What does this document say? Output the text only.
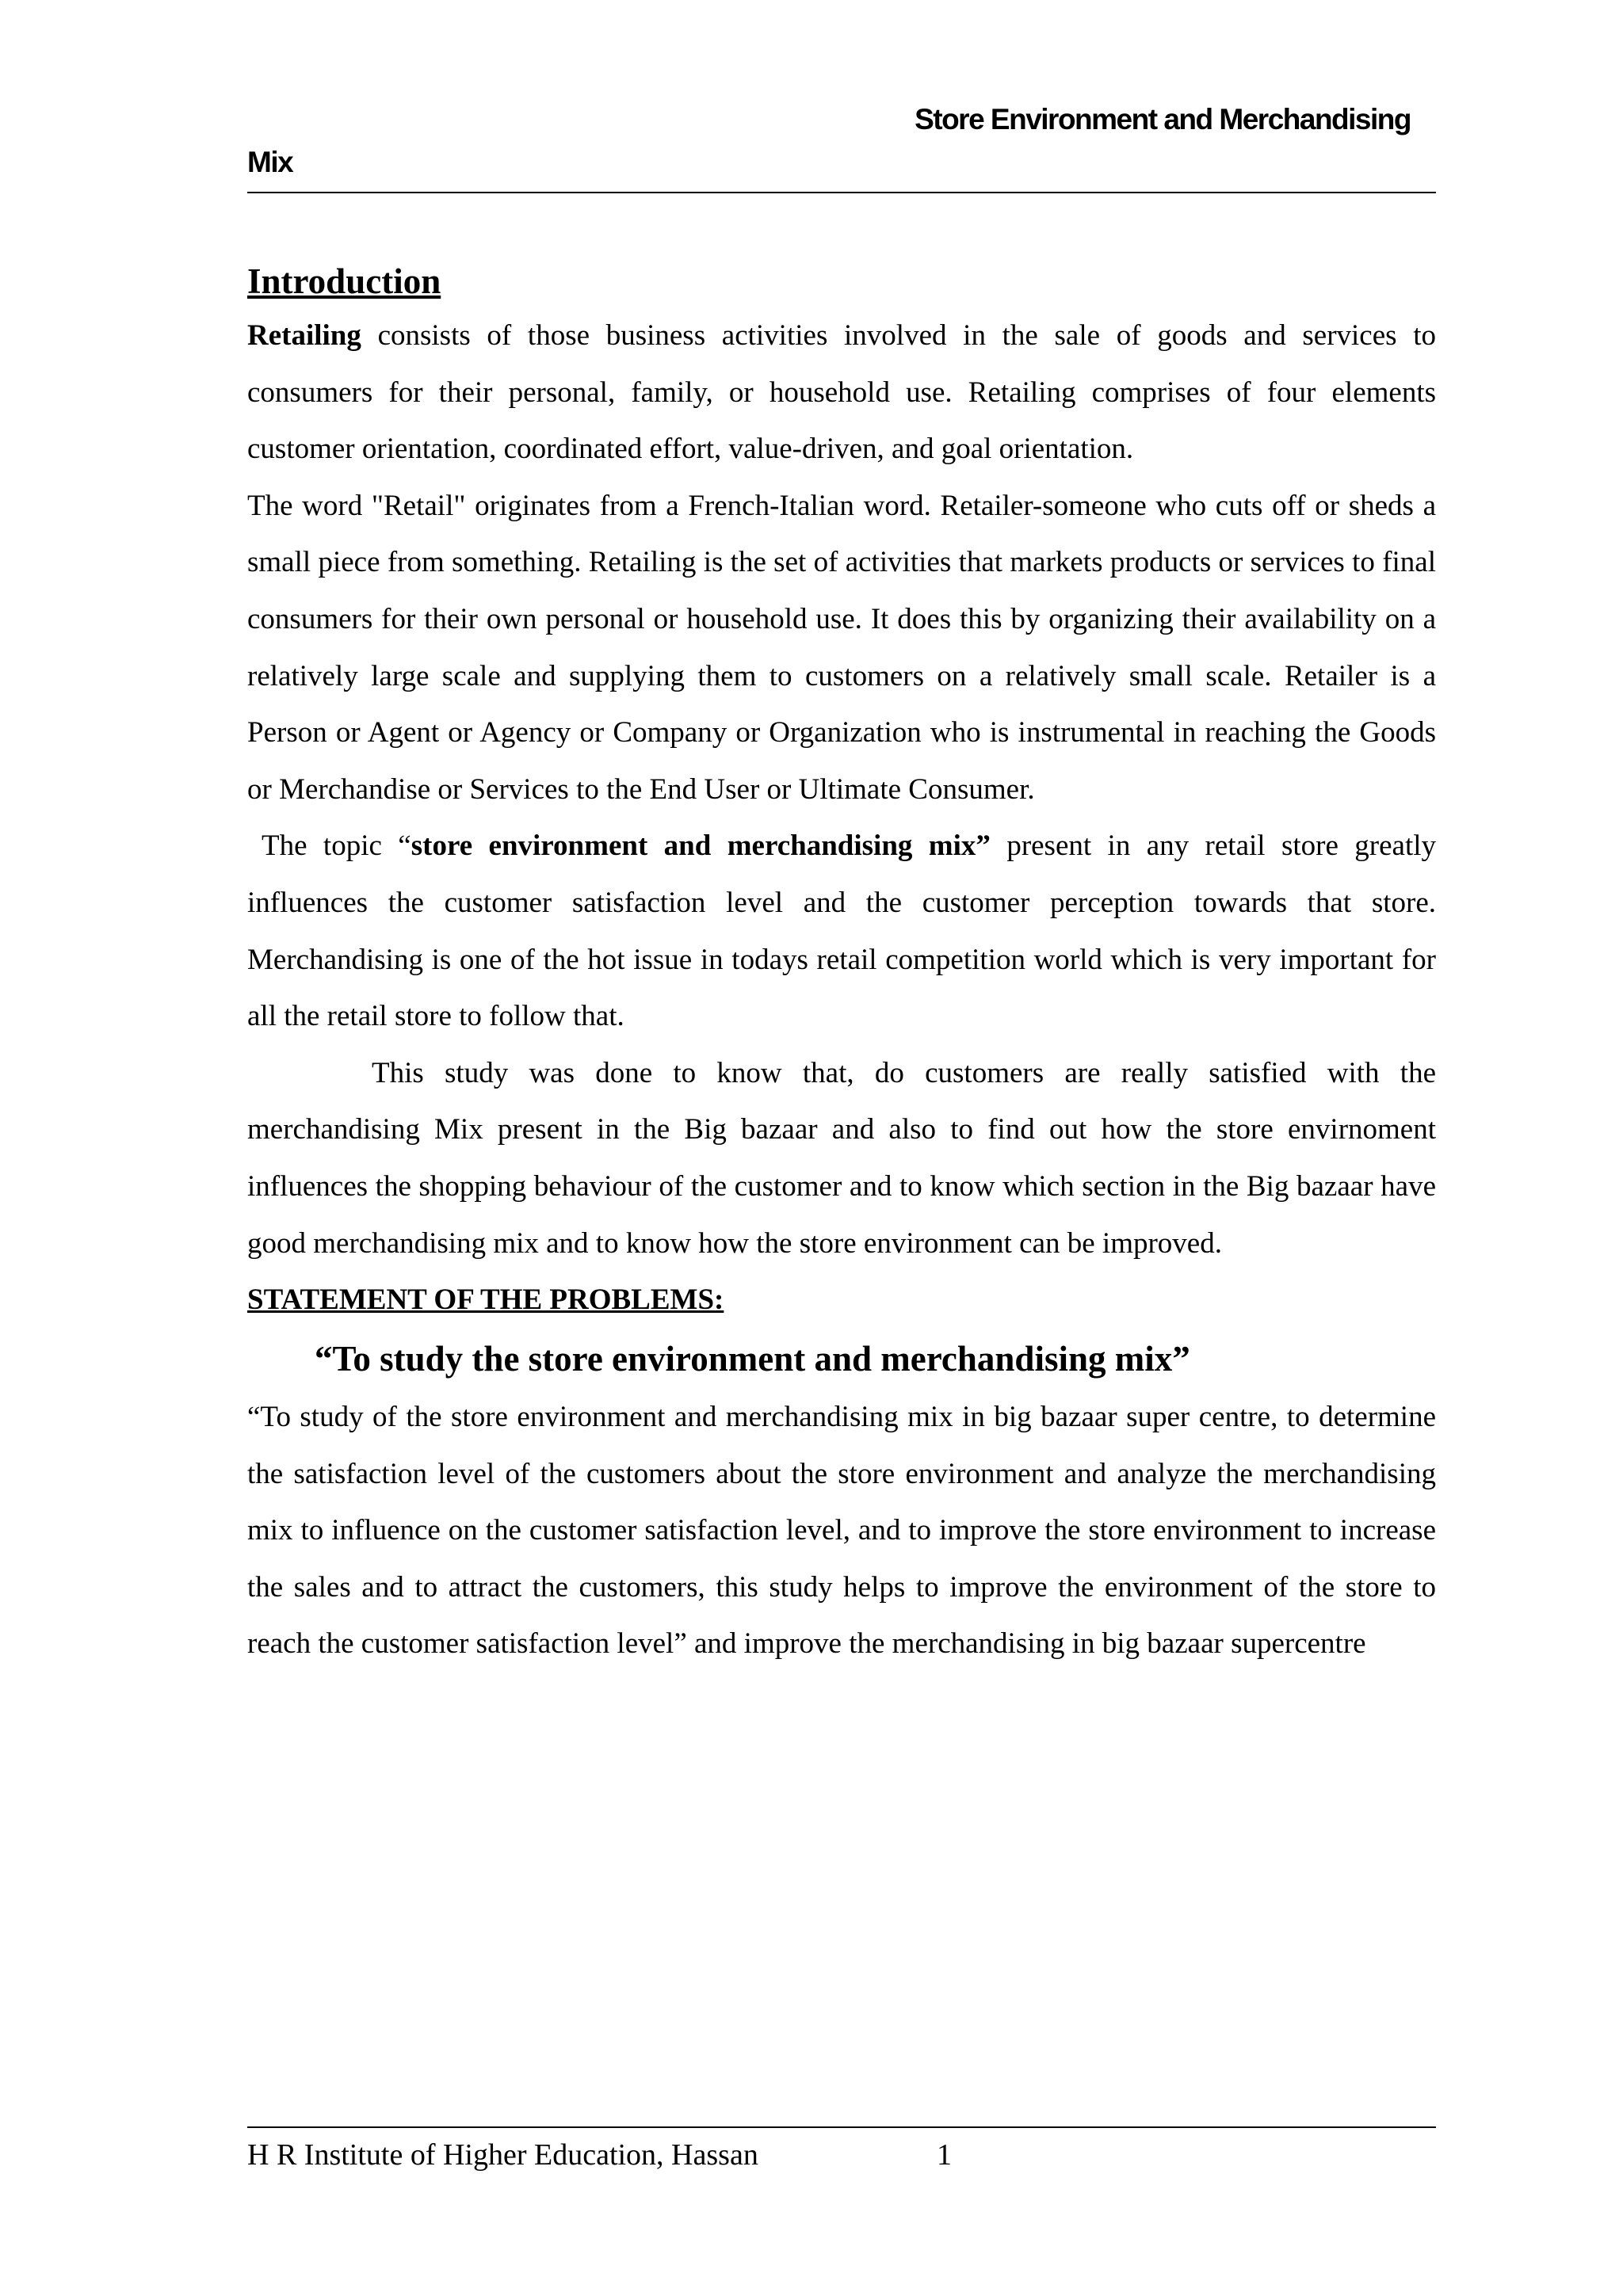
Store Environment and Merchandising
Mix

Introduction

Retailing consists of those business activities involved in the sale of goods and services to consumers for their personal, family, or household use. Retailing comprises of four elements customer orientation, coordinated effort, value-driven, and goal orientation.

The word "Retail" originates from a French-Italian word. Retailer-someone who cuts off or sheds a small piece from something. Retailing is the set of activities that markets products or services to final consumers for their own personal or household use. It does this by organizing their availability on a relatively large scale and supplying them to customers on a relatively small scale. Retailer is a Person or Agent or Agency or Company or Organization who is instrumental in reaching the Goods or Merchandise or Services to the End User or Ultimate Consumer.

The topic “store environment and merchandising mix” present in any retail store greatly influences the customer satisfaction level and the customer perception towards that store. Merchandising is one of the hot issue in todays retail competition world which is very important for all the retail store to follow that.

This study was done to know that, do customers are really satisfied with the merchandising Mix present in the Big bazaar and also to find out how the store envirnoment influences the shopping behaviour of the customer and to know which section in the Big bazaar have good merchandising mix and to know how the store environment can be improved.

STATEMENT OF THE PROBLEMS:

“To study the store environment and merchandising mix”

“To study of the store environment and merchandising mix in big bazaar super centre, to determine the satisfaction level of the customers about the store environment and analyze the merchandising mix to influence on the customer satisfaction level, and to improve the store environment to increase the sales and to attract the customers, this study helps to improve the environment of the store to reach the customer satisfaction level” and improve the merchandising in big bazaar supercentre

H R Institute of Higher Education, Hassan	1
